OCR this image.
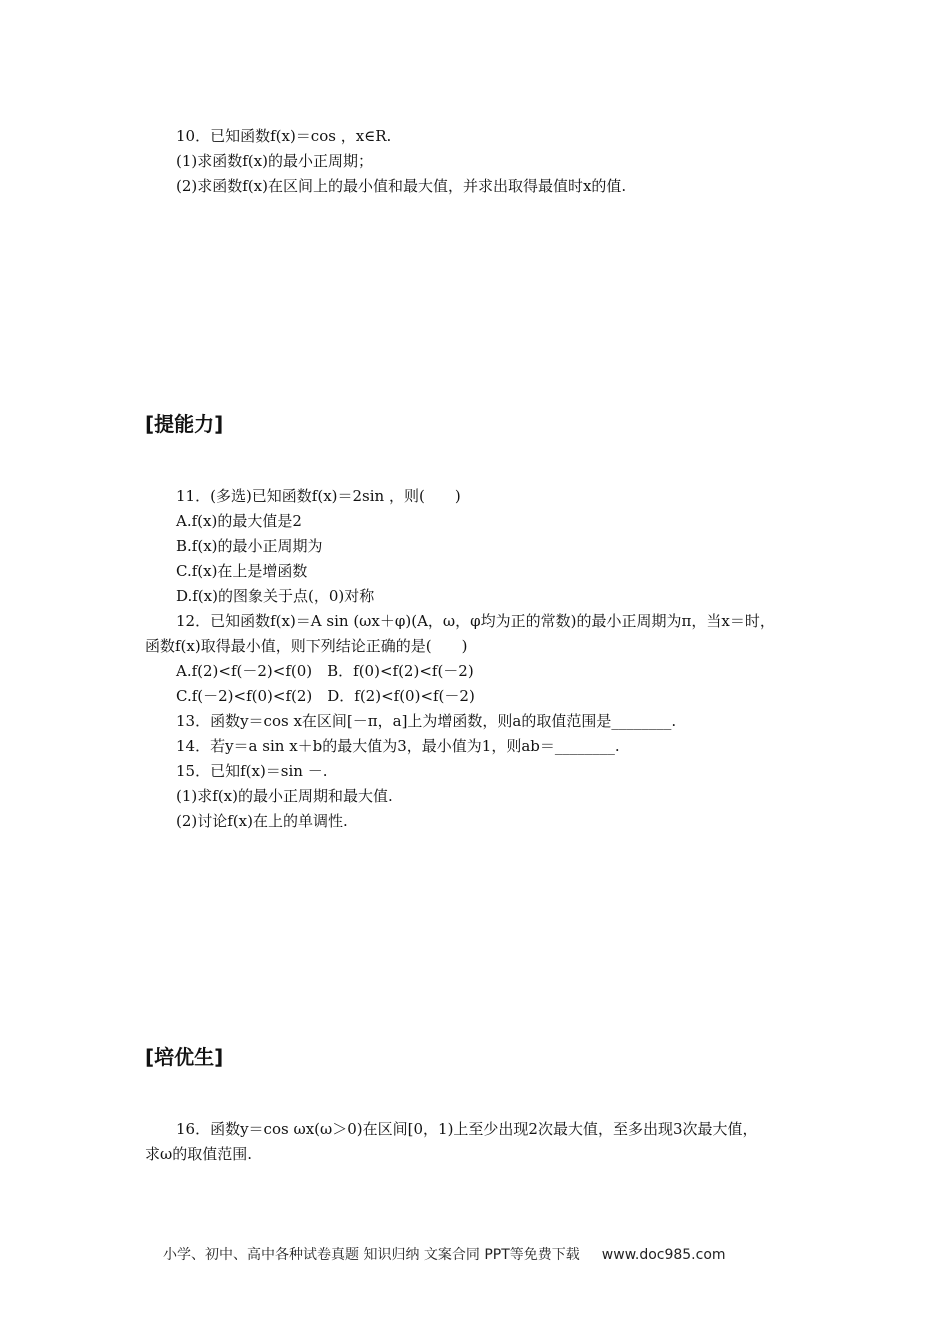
10．已知函数f(x)＝cos ，x∈R.
(1)求函数f(x)的最小正周期；
(2)求函数f(x)在区间上的最小值和最大值，并求出取得最值时x的值.
[提能力]
11．(多选)已知函数f(x)＝2sin ，则(　　)
A.f(x)的最大值是2
B.f(x)的最小正周期为
C.f(x)在上是增函数
D.f(x)的图象关于点(，0)对称
12．已知函数f(x)＝A sin (ωx＋φ)(A，ω，φ均为正的常数)的最小正周期为π，当x＝时，
函数f(x)取得最小值，则下列结论正确的是(　　)
A.f(2)<f(－2)<f(0)　B．f(0)<f(2)<f(－2)
C.f(－2)<f(0)<f(2)　D．f(2)<f(0)<f(－2)
13．函数y＝cos x在区间[－π，a]上为增函数，则a的取值范围是________.
14．若y＝a sin x＋b的最大值为3，最小值为1，则ab＝________.
15．已知f(x)＝sin －.
(1)求f(x)的最小正周期和最大值.
(2)讨论f(x)在上的单调性.
[培优生]
16．函数y＝cos ωx(ω＞0)在区间[0，1)上至少出现2次最大值，至多出现3次最大值，
求ω的取值范围.
小学、初中、高中各种试卷真题 知识归纳 文案合同 PPT等免费下载 www.doc985.com
